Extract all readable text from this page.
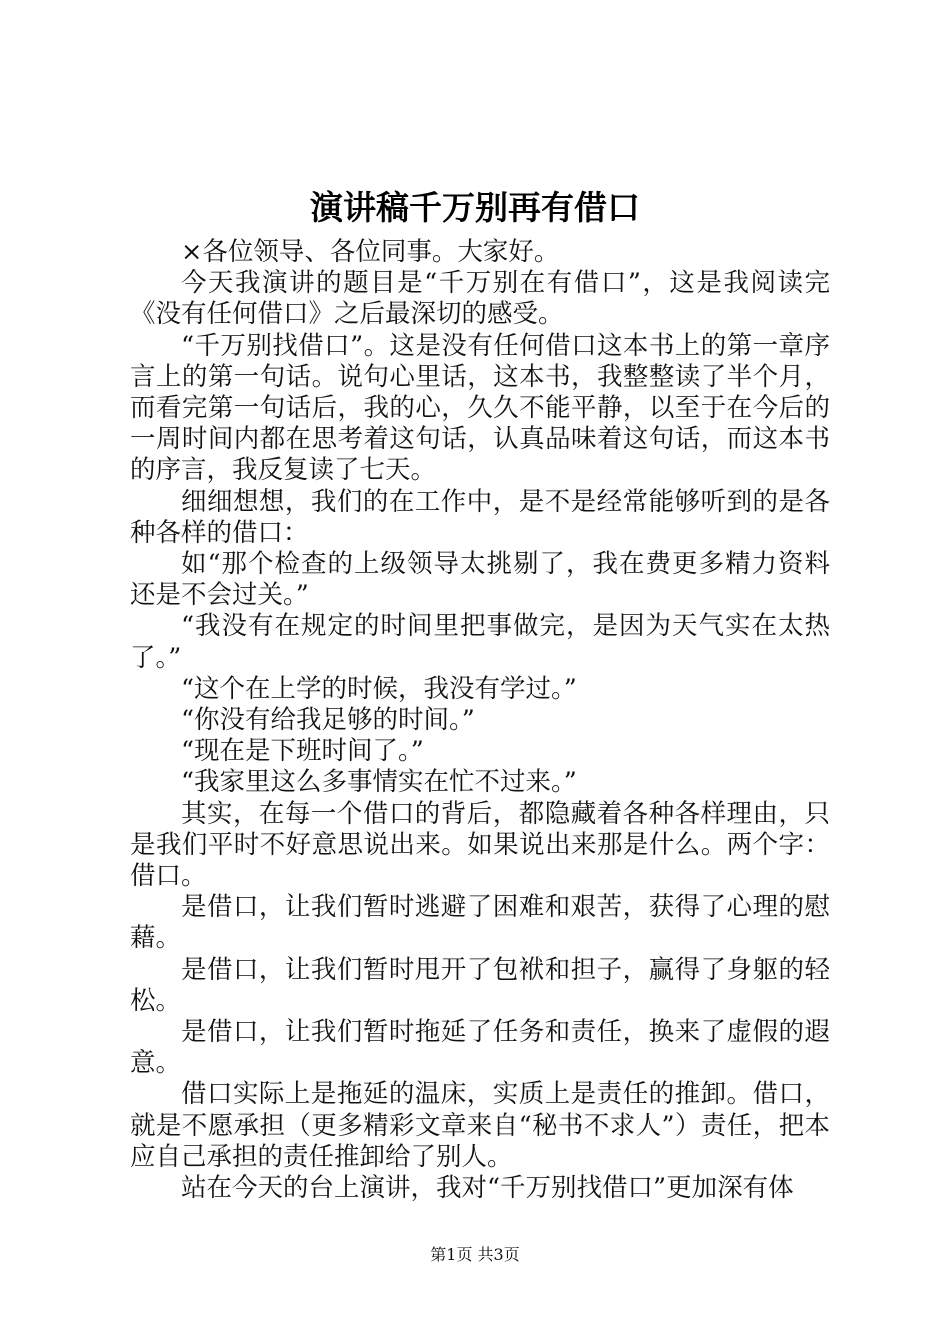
演讲稿千万别再有借口

×各位领导、各位同事。大家好。

今天我演讲的题目是“千万别在有借口”，这是我阅读完《没有任何借口》之后最深切的感受。

“千万别找借口”。这是没有任何借口这本书上的第一章序言上的第一句话。说句心里话，这本书，我整整读了半个月，而看完第一句话后，我的心，久久不能平静，以至于在今后的一周时间内都在思考着这句话，认真品味着这句话，而这本书的序言，我反复读了七天。

细细想想，我们的在工作中，是不是经常能够听到的是各种各样的借口：

如“那个检查的上级领导太挑剔了，我在费更多精力资料还是不会过关。”

“我没有在规定的时间里把事做完，是因为天气实在太热了。”

“这个在上学的时候，我没有学过。”

“你没有给我足够的时间。”

“现在是下班时间了。”

“我家里这么多事情实在忙不过来。”

其实，在每一个借口的背后，都隐藏着各种各样理由，只是我们平时不好意思说出来。如果说出来那是什么。两个字：借口。

是借口，让我们暂时逃避了困难和艰苦，获得了心理的慰藉。

是借口，让我们暂时甩开了包袱和担子，赢得了身躯的轻松。

是借口，让我们暂时拖延了任务和责任，换来了虚假的遐意。

借口实际上是拖延的温床，实质上是责任的推卸。借口，就是不愿承担（更多精彩文章来自“秘书不求人”）责任，把本应自己承担的责任推卸给了别人。

站在今天的台上演讲，我对“千万别找借口”更加深有体

第1页 共3页
